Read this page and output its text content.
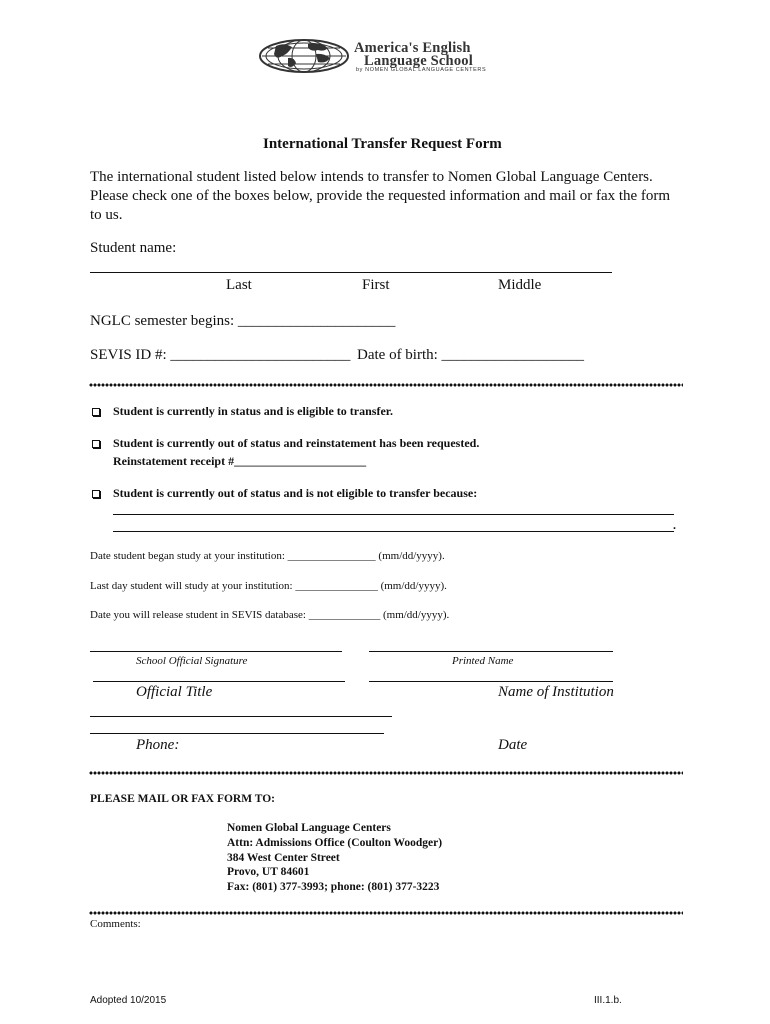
America's English
Language School
by NOMEN GLOBAL LANGUAGE CENTERS
International Transfer Request Form
The international student listed below intends to transfer to Nomen Global Language Centers.
Please check one of the boxes below, provide the requested information and mail or fax the form
to us.
Student name:
Last	First	Middle
NGLC semester begins: _____________________
SEVIS ID #: ________________________ Date of birth: ___________________
Student is currently in status and is eligible to transfer.
Student is currently out of status and reinstatement has been requested.
Reinstatement receipt #______________________
Student is currently out of status and is not eligible to transfer because:
.
Date student began study at your institution: ________________ (mm/dd/yyyy).
Last day student will study at your institution: _______________ (mm/dd/yyyy).
Date you will release student in SEVIS database: _____________ (mm/dd/yyyy).
School Official Signature	Printed Name
Official Title	Name of Institution
Phone:	Date
PLEASE MAIL OR FAX FORM TO:
Nomen Global Language Centers
Attn: Admissions Office (Coulton Woodger)
384 West Center Street
Provo, UT 84601
Fax: (801) 377-3993; phone: (801) 377-3223
Comments:
Adopted 10/2015	III.1.b.
